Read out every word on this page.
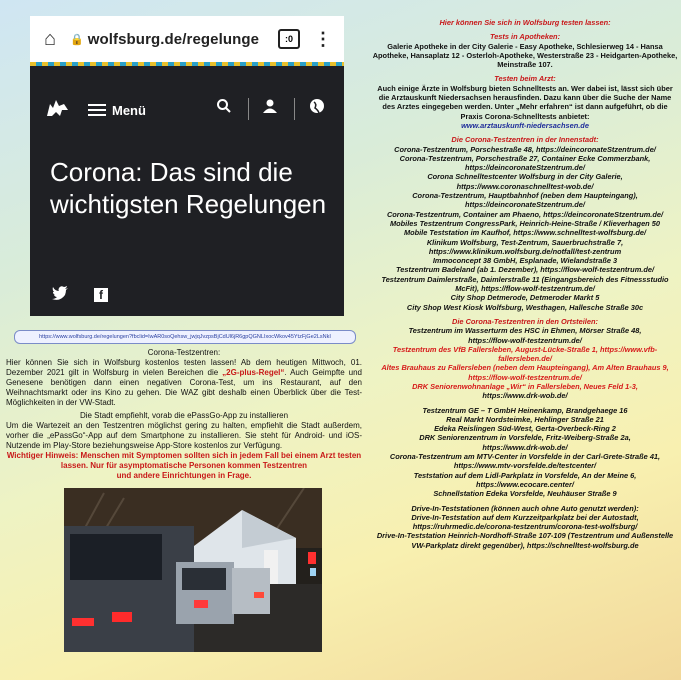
⌂	🔒 wolfsburg.de/regelunge	:0	⋮
Menü
Corona: Das sind die wichtigsten Regelungen
f
https://www.wolfsburg.de/regelungen?fbclid=IwAR0soQehsw_jwjqJvzpsBjCdUl6jR6gpQGNLIxocWkov45YtzFjGe2LsNkI

Corona-Testzentren:

Hier können Sie sich in Wolfsburg kostenlos testen lassen! Ab dem heutigen Mittwoch, 01. Dezember 2021 gilt in Wolfsburg in vielen Bereichen die „2G-plus-Regel“. Auch Geimpfte und Genesene benötigen dann einen negativen Corona-Test, um ins Restaurant, auf den Weihnachtsmarkt oder ins Kino zu gehen. Die WAZ gibt deshalb einen Überblick über die Test-Möglichkeiten in der VW-Stadt.

Die Stadt empfiehlt, vorab die ePassGo-App zu installieren

Um die Wartezeit an den Testzentren möglichst gering zu halten, empfiehlt die Stadt außerdem, vorher die „ePassGo“-App auf dem Smartphone zu installieren. Sie steht für Android- und iOS-Nutzende im Play-Store beziehungsweise App-Store kostenlos zur Verfügung.

Wichtiger Hinweis: Menschen mit Symptomen sollten sich in jedem Fall bei einem Arzt testen lassen. Nur für asymptomatische Personen kommen Testzentren

und andere Einrichtungen in Frage.

Hier können Sie sich in Wolfsburg testen lassen:

Tests in Apotheken:

Galerie Apotheke in der City Galerie - Easy Apotheke, Schlesierweg 14 - Hansa Apotheke, Hansaplatz 12 - Osterloh-Apotheke, Westerstraße 23 - Heidgarten-Apotheke, Meinstraße 107.

Testen beim Arzt:

Auch einige Ärzte in Wolfsburg bieten Schnelltests an. Wer dabei ist, lässt sich über die Arztauskunft Niedersachsen herausfinden. Dazu kann über die Suche der Name des Arztes eingegeben werden. Unter „Mehr erfahren“ ist dann aufgeführt, ob die Praxis Corona-Schnelltests anbietet:

www.arztauskunft-niedersachsen.de

Die Corona-Testzentren in der Innenstadt:

Corona-Testzentrum, Porschestraße 48, https://deincoronateStzentrum.de/

Corona-Testzentrum, Porschestraße 27, Container Ecke Commerzbank,

https://deincoronateStzentrum.de/

Corona Schnelltestcenter Wolfsburg in der City Galerie,

https://www.coronaschnelltest-wob.de/

Corona-Testzentrum, Hauptbahnhof (neben dem Haupteingang),

https://deincoronateStzentrum.de/

Corona-Testzentrum, Container am Phaeno, https://deincoronateStzentrum.de/

Mobiles Testzentrum CongressPark, Heinrich-Heine-Straße / Klieverhagen 50

Mobile Teststation im Kaufhof, https://www.schnelltest-wolfsburg.de/

Klinikum Wolfsburg, Test-Zentrum, Sauerbruchstraße 7,

https://www.klinikum.wolfsburg.de/notfall/test-zentrum

Immoconcept 38 GmbH, Esplanade, Wielandstraße 3

Testzentrum Badeland (ab 1. Dezember), https://flow-wolf-testzentrum.de/

Testzentrum Daimlerstraße, Daimlerstraße 11 (Eingangsbereich des Fitnessstudio McFit), https://flow-wolf-testzentrum.de/

City Shop Detmerode, Detmeroder Markt 5

City Shop West Kiosk Wolfsburg, Westhagen, Hallesche Straße 30c

Die Corona-Testzentren in den Ortsteilen:

Testzentrum im Wasserturm des HSC in Ehmen, Mörser Straße 48,

https://flow-wolf-testzentrum.de/

Testzentrum des VfB Fallersleben, August-Lücke-Straße 1, https://www.vfb-fallersleben.de/

Altes Brauhaus zu Fallersleben (neben dem Haupteingang), Am Alten Brauhaus 9, https://flow-wolf-testzentrum.de/

DRK Seniorenwohnanlage „Wir“ in Fallersleben, Neues Feld 1-3,

https://www.drk-wob.de/

Testzentrum GE – T GmbH Heinenkamp, Brandgehaege 16

Real Markt Nordsteimke, Hehlinger Straße 21

Edeka Reislingen Süd-West, Gerta-Overbeck-Ring 2

DRK Seniorenzentrum in Vorsfelde, Fritz-Weiberg-Straße 2a,

https://www.drk-wob.de/

Corona-Testzentrum am MTV-Center in Vorsfelde in der Carl-Grete-Straße 41,

https://www.mtv-vorsfelde.de/testcenter/

Teststation auf dem Lidl-Parkplatz in Vorsfelde, An der Meine 6,

https://www.ecocare.center/

Schnellstation Edeka Vorsfelde, Neuhäuser Straße 9

Drive-In-Teststationen (können auch ohne Auto genutzt werden):

Drive-In-Teststation auf dem Kurzzeitparkplatz bei der Autostadt,

https://ruhrmedic.de/corona-testzentrum/corona-test-wolfsburg/

Drive-In-Teststation Heinrich-Nordhoff-Straße 107-109 (Testzentrum und Außenstelle VW-Parkplatz direkt gegenüber), https://schnelltest-wolfsburg.de
